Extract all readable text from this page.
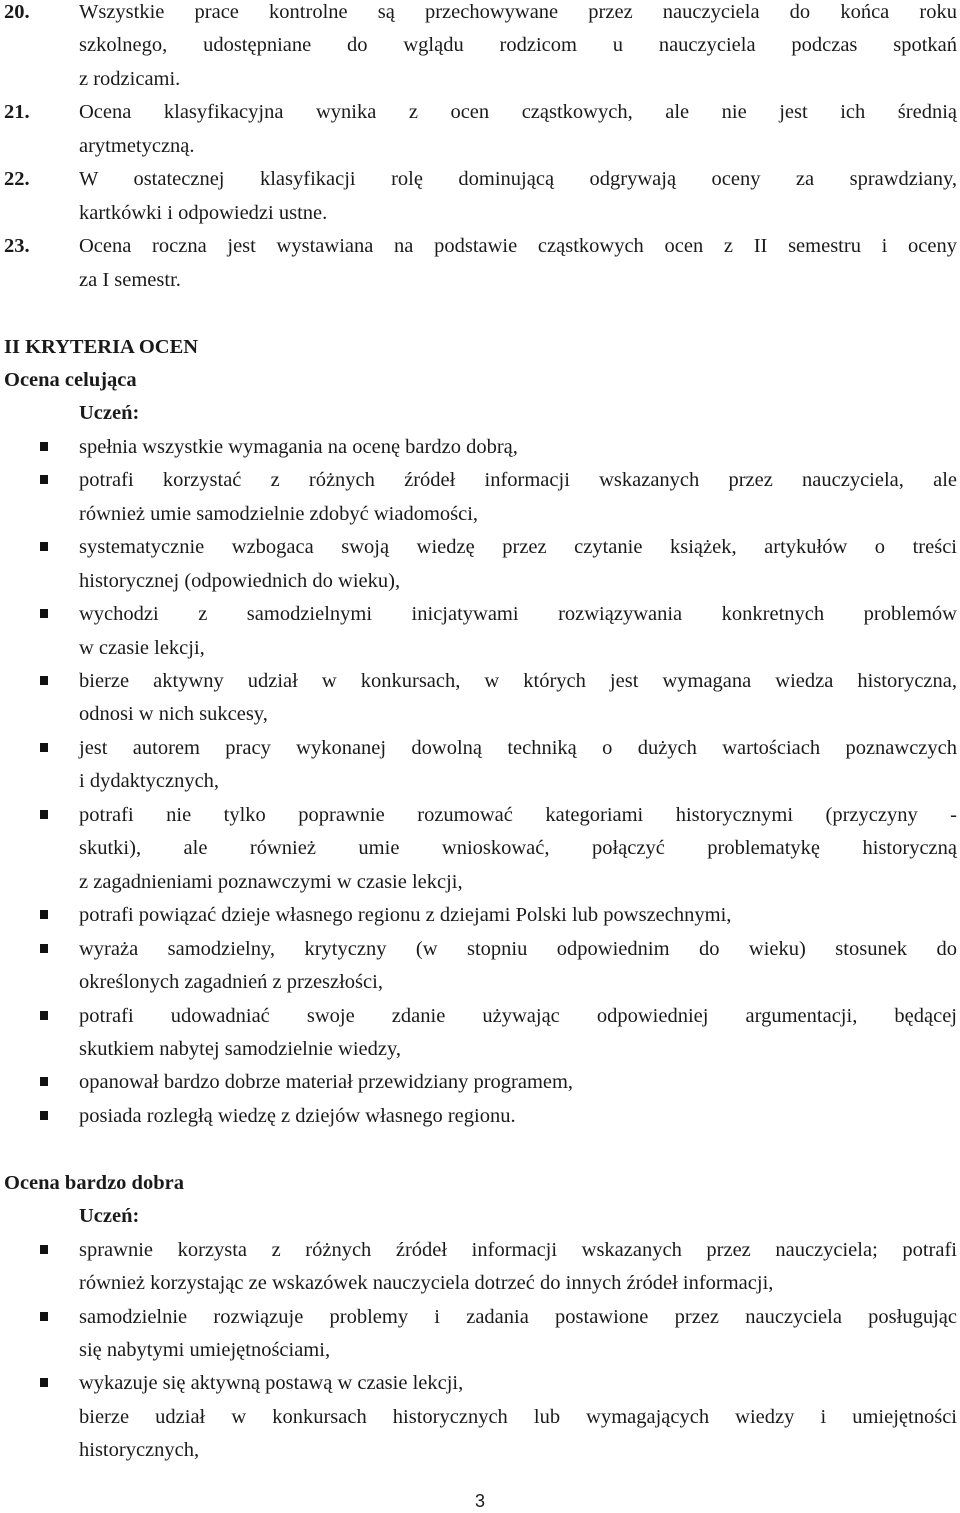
Wszystkie prace kontrolne są przechowywane przez nauczyciela do końca roku
20.
szkolnego, udostępniane do wglądu rodzicom u nauczyciela podczas spotkań
z rodzicami.
Ocena klasyfikacyjna wynika z ocen cząstkowych, ale nie jest ich średnią
21.
arytmetyczną.
W ostatecznej klasyfikacji rolę dominującą odgrywają oceny za sprawdziany,
22.
kartkówki i odpowiedzi ustne.
Ocena roczna jest wystawiana na podstawie cząstkowych ocen z II semestru i oceny
23.
za I semestr.
II KRYTERIA OCEN
Ocena celująca
Uczeń:
spełnia wszystkie wymagania na ocenę bardzo dobrą,
potrafi korzystać z różnych źródeł informacji wskazanych przez nauczyciela, ale
również umie samodzielnie zdobyć wiadomości,
systematycznie wzbogaca swoją wiedzę przez czytanie książek, artykułów o treści
historycznej (odpowiednich do wieku),
wychodzi z samodzielnymi inicjatywami rozwiązywania konkretnych problemów
w czasie lekcji,
bierze aktywny udział w konkursach, w których jest wymagana wiedza historyczna,
odnosi w nich sukcesy,
jest autorem pracy wykonanej dowolną techniką o dużych wartościach poznawczych
i dydaktycznych,
potrafi nie tylko poprawnie rozumować kategoriami historycznymi (przyczyny -
skutki), ale również umie wnioskować, połączyć problematykę historyczną
z zagadnieniami poznawczymi w czasie lekcji,
potrafi powiązać dzieje własnego regionu z dziejami Polski lub powszechnymi,
wyraża samodzielny, krytyczny (w stopniu odpowiednim do wieku) stosunek do
określonych zagadnień z przeszłości,
potrafi udowadniać swoje zdanie używając odpowiedniej argumentacji, będącej
skutkiem nabytej samodzielnie wiedzy,
opanował bardzo dobrze materiał przewidziany programem,
posiada rozległą wiedzę z dziejów własnego regionu.
Ocena bardzo dobra
Uczeń:
sprawnie korzysta z różnych źródeł informacji wskazanych przez nauczyciela; potrafi
również korzystając ze wskazówek nauczyciela dotrzeć do innych źródeł informacji,
samodzielnie rozwiązuje problemy i zadania postawione przez nauczyciela posługując
się nabytymi umiejętnościami,
wykazuje się aktywną postawą w czasie lekcji,
bierze udział w konkursach historycznych lub wymagających wiedzy i umiejętności
historycznych,
3
